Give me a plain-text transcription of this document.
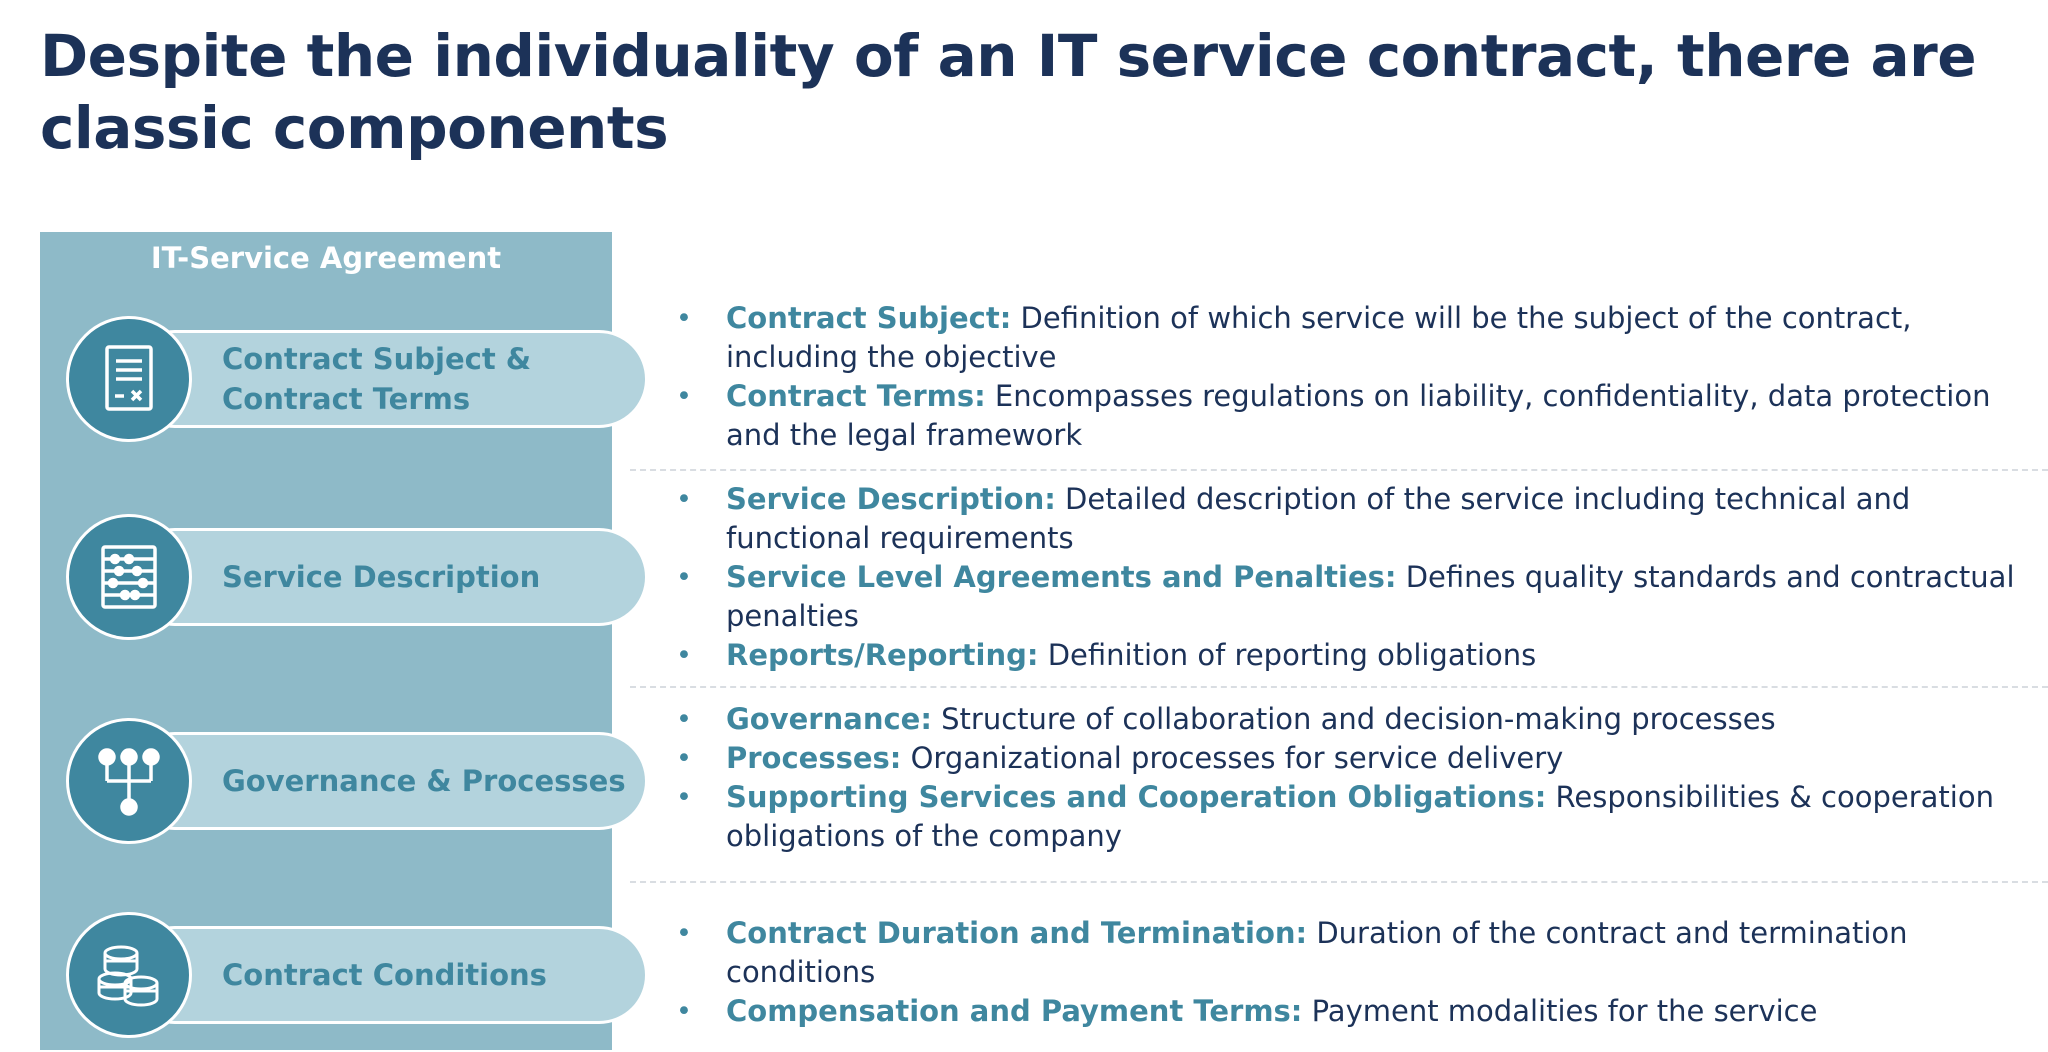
Despite the individuality of an IT service contract, there are classic components
IT-Service Agreement
Contract Subject &
Contract Terms
Service Description
Governance & Processes
Contract Conditions
• Contract Subject: Definition of which service will be the subject of the contract, including the objective
• Contract Terms: Encompasses regulations on liability, confidentiality, data protection and the legal framework
• Service Description: Detailed description of the service including technical and functional requirements
• Service Level Agreements and Penalties: Defines quality standards and contractual penalties
• Reports/Reporting: Definition of reporting obligations
• Governance: Structure of collaboration and decision-making processes
• Processes: Organizational processes for service delivery
• Supporting Services and Cooperation Obligations: Responsibilities & cooperation obligations of the company
• Contract Duration and Termination: Duration of the contract and termination conditions
• Compensation and Payment Terms: Payment modalities for the service
